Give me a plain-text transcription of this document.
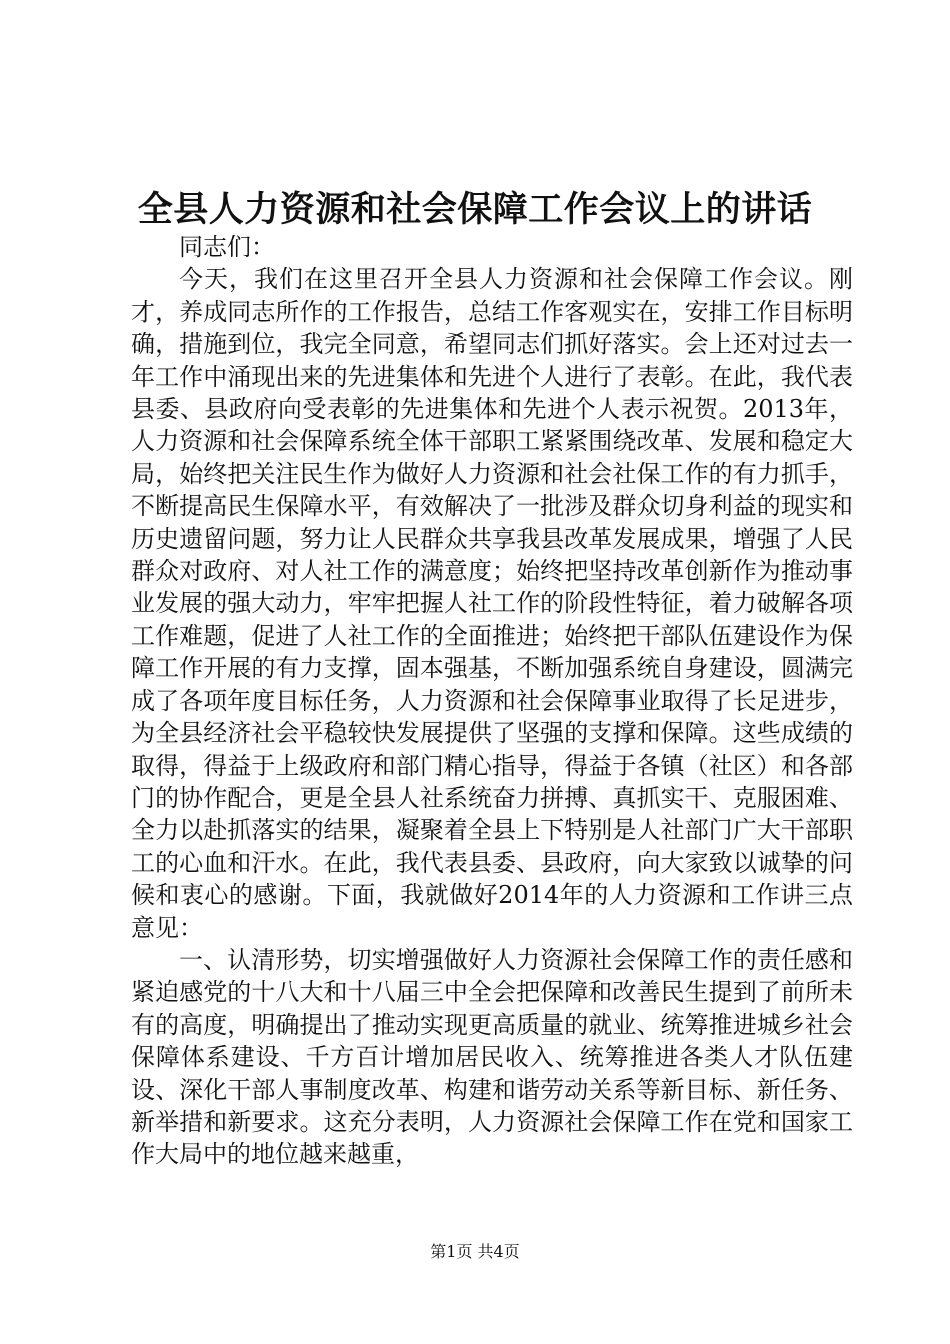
全县人力资源和社会保障工作会议上的讲话

同志们：

今天，我们在这里召开全县人力资源和社会保障工作会议。刚才，养成同志所作的工作报告，总结工作客观实在，安排工作目标明确，措施到位，我完全同意，希望同志们抓好落实。会上还对过去一年工作中涌现出来的先进集体和先进个人进行了表彰。在此，我代表县委、县政府向受表彰的先进集体和先进个人表示祝贺。2013年，人力资源和社会保障系统全体干部职工紧紧围绕改革、发展和稳定大局，始终把关注民生作为做好人力资源和社会社保工作的有力抓手，不断提高民生保障水平，有效解决了一批涉及群众切身利益的现实和历史遗留问题，努力让人民群众共享我县改革发展成果，增强了人民群众对政府、对人社工作的满意度；始终把坚持改革创新作为推动事业发展的强大动力，牢牢把握人社工作的阶段性特征，着力破解各项工作难题，促进了人社工作的全面推进；始终把干部队伍建设作为保障工作开展的有力支撑，固本强基，不断加强系统自身建设，圆满完成了各项年度目标任务，人力资源和社会保障事业取得了长足进步，为全县经济社会平稳较快发展提供了坚强的支撑和保障。这些成绩的取得，得益于上级政府和部门精心指导，得益于各镇（社区）和各部门的协作配合，更是全县人社系统奋力拼搏、真抓实干、克服困难、全力以赴抓落实的结果，凝聚着全县上下特别是人社部门广大干部职工的心血和汗水。在此，我代表县委、县政府，向大家致以诚挚的问候和衷心的感谢。下面，我就做好2014年的人力资源和工作讲三点意见：

一、认清形势，切实增强做好人力资源社会保障工作的责任感和紧迫感党的十八大和十八届三中全会把保障和改善民生提到了前所未有的高度，明确提出了推动实现更高质量的就业、统筹推进城乡社会保障体系建设、千方百计增加居民收入、统筹推进各类人才队伍建设、深化干部人事制度改革、构建和谐劳动关系等新目标、新任务、新举措和新要求。这充分表明，人力资源社会保障工作在党和国家工作大局中的地位越来越重，

第1页 共4页
